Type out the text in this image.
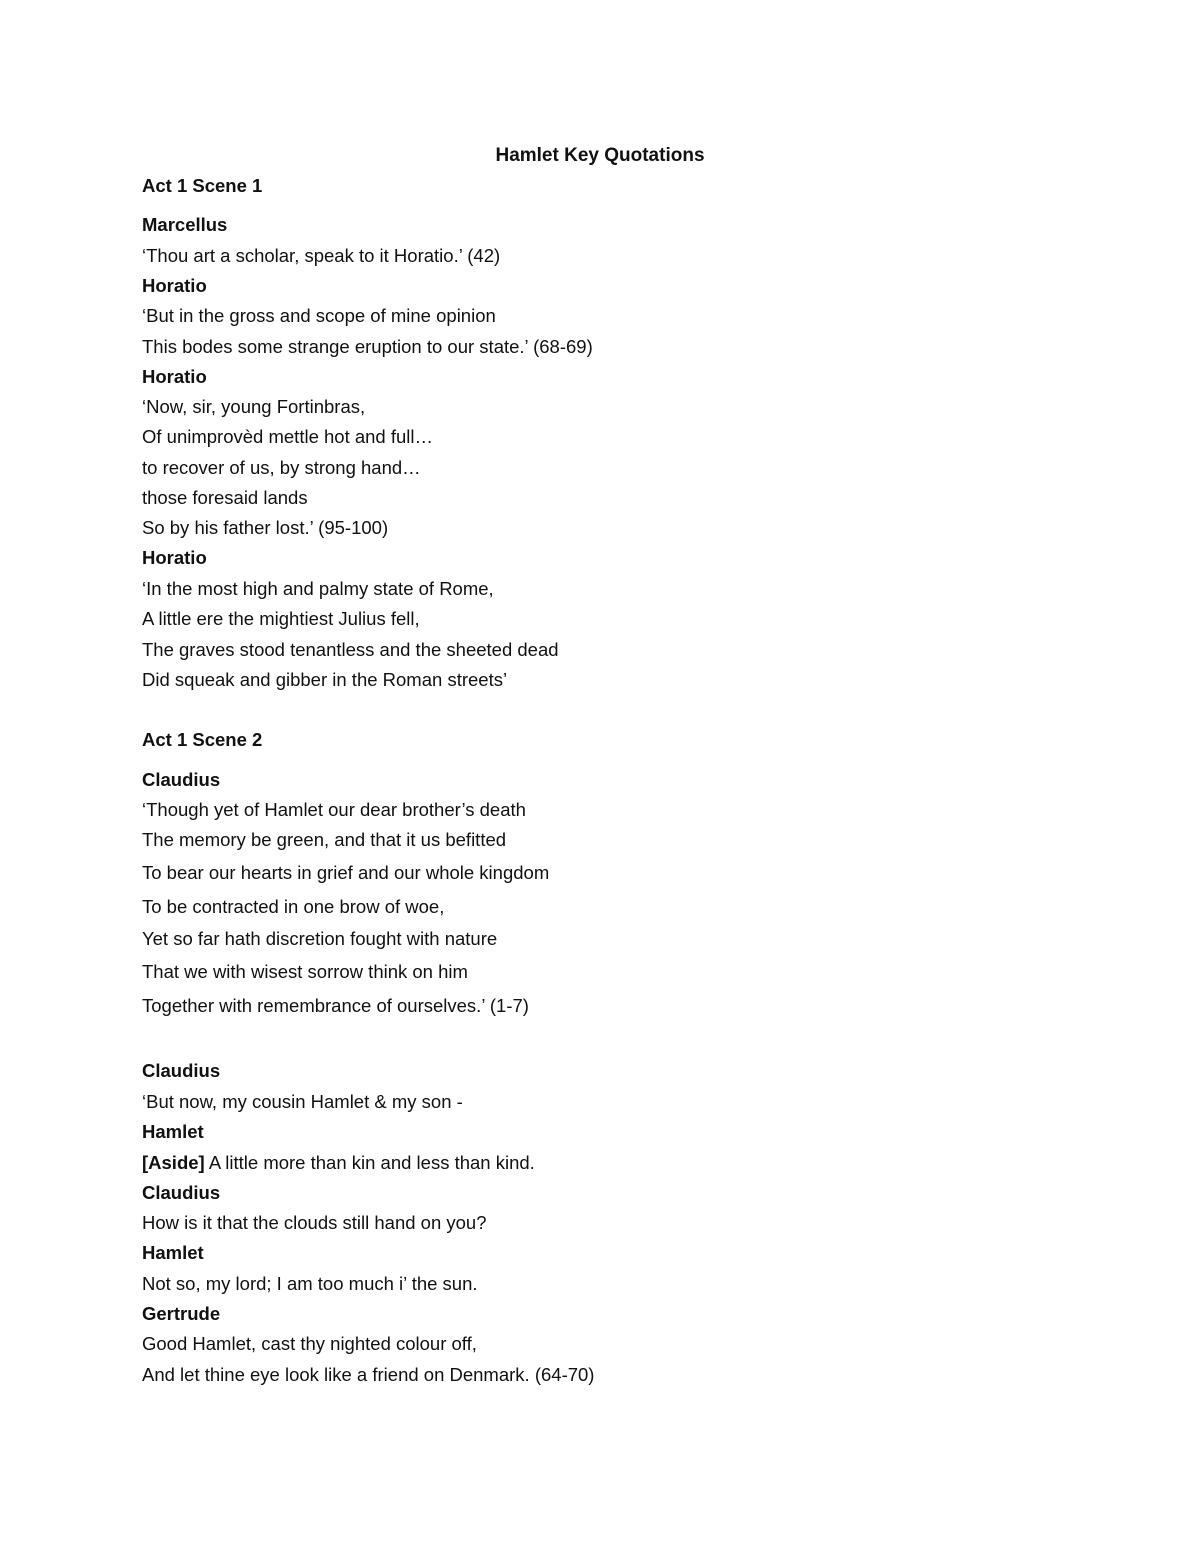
Hamlet Key Quotations
Act 1 Scene 1
Marcellus
‘Thou art a scholar, speak to it Horatio.’ (42)
Horatio
‘But in the gross and scope of mine opinion
This bodes some strange eruption to our state.’ (68-69)
Horatio
‘Now, sir, young Fortinbras,
Of unimprovèd mettle hot and full…
to recover of us, by strong hand…
those foresaid lands
So by his father lost.’ (95-100)
Horatio
‘In the most high and palmy state of Rome,
A little ere the mightiest Julius fell,
The graves stood tenantless and the sheeted dead
Did squeak and gibber in the Roman streets’
Act 1 Scene 2
Claudius
‘Though yet of Hamlet our dear brother’s death
The memory be green, and that it us befitted
To bear our hearts in grief and our whole kingdom
To be contracted in one brow of woe,
Yet so far hath discretion fought with nature
That we with wisest sorrow think on him
Together with remembrance of ourselves.’ (1-7)
Claudius
‘But now, my cousin Hamlet & my son -
Hamlet
[Aside] A little more than kin and less than kind.
Claudius
How is it that the clouds still hand on you?
Hamlet
Not so, my lord; I am too much i’ the sun.
Gertrude
Good Hamlet, cast thy nighted colour off,
And let thine eye look like a friend on Denmark. (64-70)
